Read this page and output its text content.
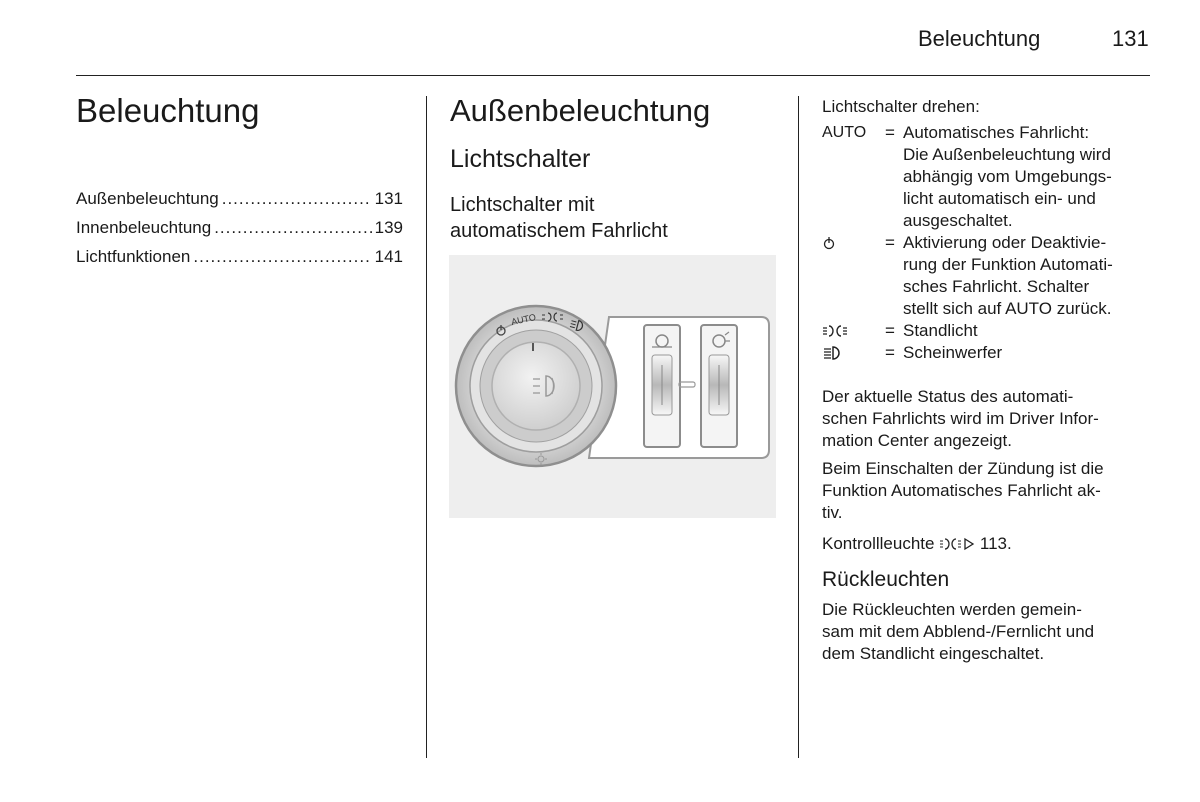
Beleuchtung	131
Beleuchtung
Außenbeleuchtung .....	131
Innenbeleuchtung .....	139
Lichtfunktionen .....	141
Außenbeleuchtung
Lichtschalter
Lichtschalter mit
automatischem Fahrlicht
AUTO
Lichtschalter drehen:
AUTO	= Automatisches Fahrlicht:
Die Außenbeleuchtung wird
abhängig vom Umgebungs-
licht automatisch ein- und
ausgeschaltet.
= Aktivierung oder Deaktivie-
rung der Funktion Automati-
sches Fahrlicht. Schalter
stellt sich auf AUTO zurück.
= Standlicht
= Scheinwerfer
Der aktuelle Status des automati-
schen Fahrlichts wird im Driver Infor-
mation Center angezeigt.
Beim Einschalten der Zündung ist die
Funktion Automatisches Fahrlicht ak-
tiv.
Kontrollleuchte  113.
Rückleuchten
Die Rückleuchten werden gemein-
sam mit dem Abblend-/Fernlicht und
dem Standlicht eingeschaltet.
